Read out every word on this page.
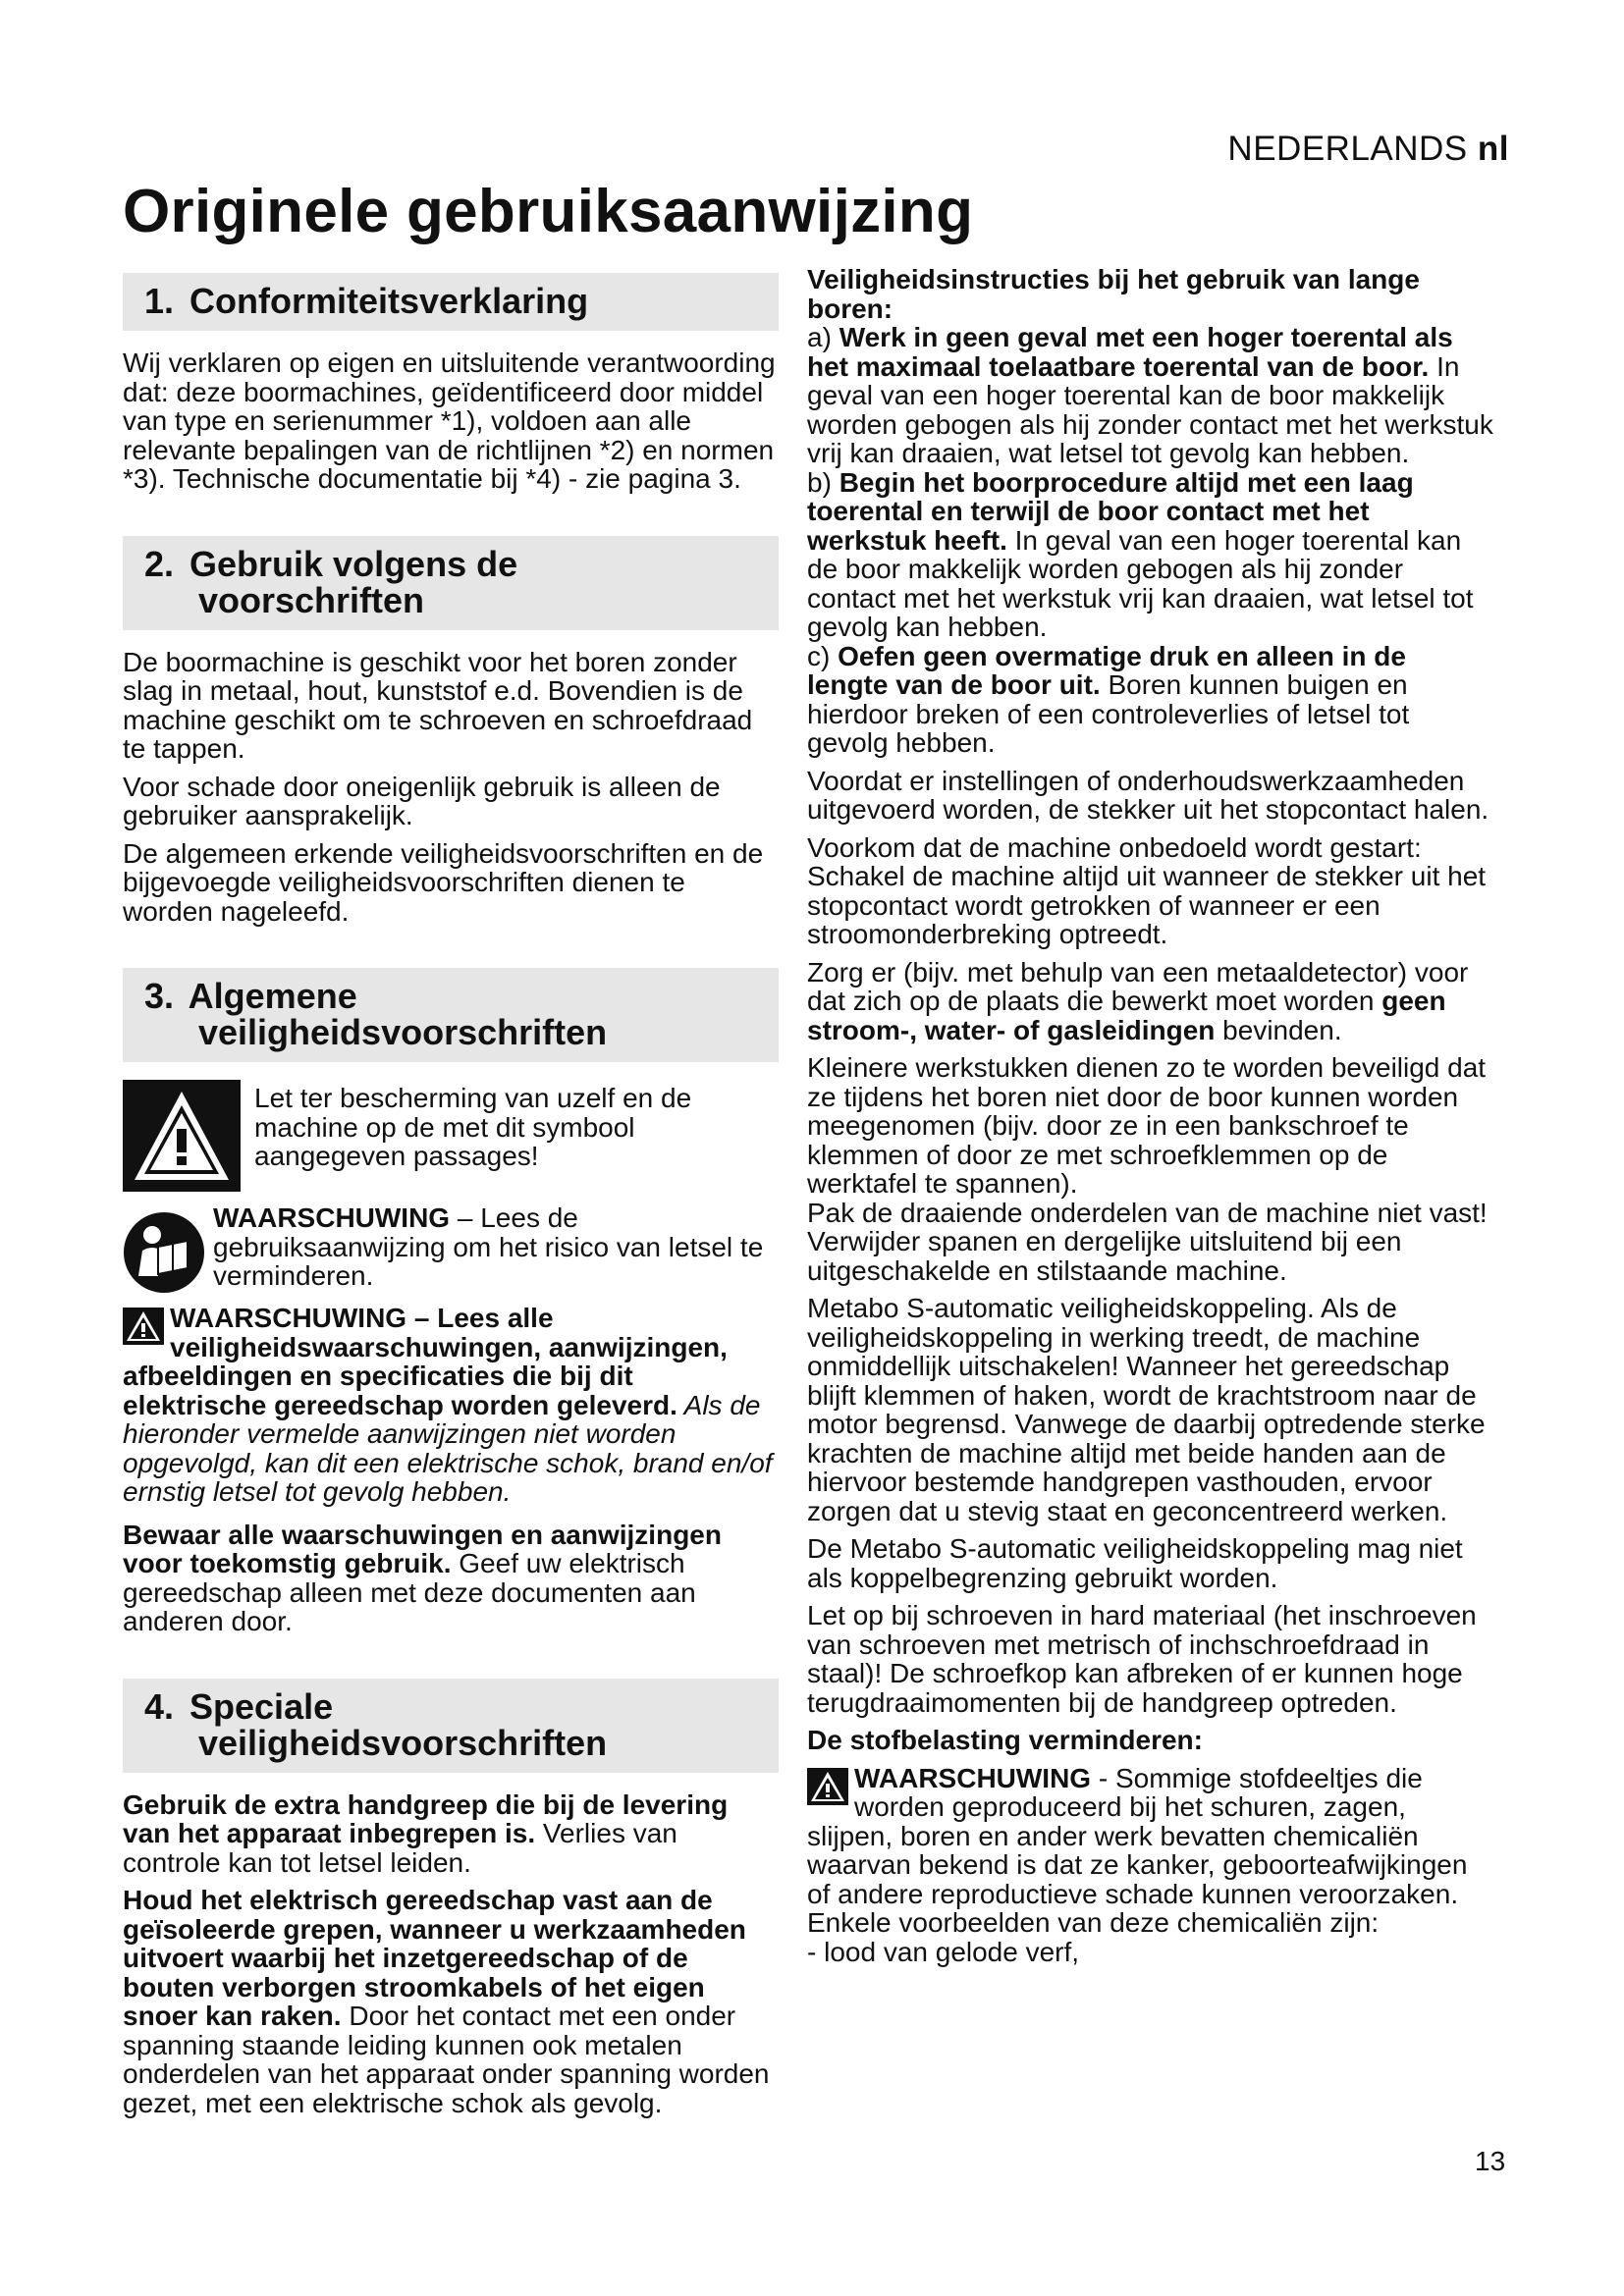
NEDERLANDS nl
Originele gebruiksaanwijzing
1. Conformiteitsverklaring

Wij verklaren op eigen en uitsluitende verantwoording dat: deze boormachines, geïdentificeerd door middel van type en serienummer *1), voldoen aan alle relevante bepalingen van de richtlijnen *2) en normen *3). Technische documentatie bij *4) - zie pagina 3.

2. Gebruik volgens de
voorschriften

De boormachine is geschikt voor het boren zonder slag in metaal, hout, kunststof e.d. Bovendien is de machine geschikt om te schroeven en schroefdraad te tappen.

Voor schade door oneigenlijk gebruik is alleen de gebruiker aansprakelijk.

De algemeen erkende veiligheidsvoorschriften en de bijgevoegde veiligheidsvoorschriften dienen te worden nageleefd.

3. Algemene
veiligheidsvoorschriften
Let ter bescherming van uzelf en de machine op de met dit symbool aangegeven passages!
WAARSCHUWING – Lees de gebruiksaanwijzing om het risico van letsel te verminderen.

WAARSCHUWING – Lees alle veiligheidswaarschuwingen, aanwijzingen, afbeeldingen en specificaties die bij dit elektrische gereedschap worden geleverd. Als de hieronder vermelde aanwijzingen niet worden opgevolgd, kan dit een elektrische schok, brand en/of ernstig letsel tot gevolg hebben.

Bewaar alle waarschuwingen en aanwijzingen voor toekomstig gebruik. Geef uw elektrisch gereedschap alleen met deze documenten aan anderen door.

4. Speciale
veiligheidsvoorschriften

Gebruik de extra handgreep die bij de levering van het apparaat inbegrepen is. Verlies van controle kan tot letsel leiden.

Houd het elektrisch gereedschap vast aan de geïsoleerde grepen, wanneer u werkzaamheden uitvoert waarbij het inzetgereedschap of de bouten verborgen stroomkabels of het eigen snoer kan raken. Door het contact met een onder spanning staande leiding kunnen ook metalen onderdelen van het apparaat onder spanning worden gezet, met een elektrische schok als gevolg.

Veiligheidsinstructies bij het gebruik van lange boren:

a) Werk in geen geval met een hoger toerental als het maximaal toelaatbare toerental van de boor. In geval van een hoger toerental kan de boor makkelijk worden gebogen als hij zonder contact met het werkstuk vrij kan draaien, wat letsel tot gevolg kan hebben.

b) Begin het boorprocedure altijd met een laag toerental en terwijl de boor contact met het werkstuk heeft. In geval van een hoger toerental kan de boor makkelijk worden gebogen als hij zonder contact met het werkstuk vrij kan draaien, wat letsel tot gevolg kan hebben.

c) Oefen geen overmatige druk en alleen in de lengte van de boor uit. Boren kunnen buigen en hierdoor breken of een controleverlies of letsel tot gevolg hebben.

Voordat er instellingen of onderhoudswerkzaamheden uitgevoerd worden, de stekker uit het stopcontact halen.

Voorkom dat de machine onbedoeld wordt gestart: Schakel de machine altijd uit wanneer de stekker uit het stopcontact wordt getrokken of wanneer er een stroomonderbreking optreedt.

Zorg er (bijv. met behulp van een metaaldetector) voor dat zich op de plaats die bewerkt moet worden geen stroom-, water- of gasleidingen bevinden.

Kleinere werkstukken dienen zo te worden beveiligd dat ze tijdens het boren niet door de boor kunnen worden meegenomen (bijv. door ze in een bankschroef te klemmen of door ze met schroefklemmen op de werktafel te spannen).

Pak de draaiende onderdelen van de machine niet vast! Verwijder spanen en dergelijke uitsluitend bij een uitgeschakelde en stilstaande machine.

Metabo S-automatic veiligheidskoppeling. Als de veiligheidskoppeling in werking treedt, de machine onmiddellijk uitschakelen! Wanneer het gereedschap blijft klemmen of haken, wordt de krachtstroom naar de motor begrensd. Vanwege de daarbij optredende sterke krachten de machine altijd met beide handen aan de hiervoor bestemde handgrepen vasthouden, ervoor zorgen dat u stevig staat en geconcentreerd werken.

De Metabo S-automatic veiligheidskoppeling mag niet als koppelbegrenzing gebruikt worden.

Let op bij schroeven in hard materiaal (het inschroeven van schroeven met metrisch of inchschroefdraad in staal)! De schroefkop kan afbreken of er kunnen hoge terugdraaimomenten bij de handgreep optreden.

De stofbelasting verminderen:

WAARSCHUWING - Sommige stofdeeltjes die worden geproduceerd bij het schuren, zagen, slijpen, boren en ander werk bevatten chemicaliën waarvan bekend is dat ze kanker, geboorteafwijkingen of andere reproductieve schade kunnen veroorzaken. Enkele voorbeelden van deze chemicaliën zijn:

- lood van gelode verf,

13
